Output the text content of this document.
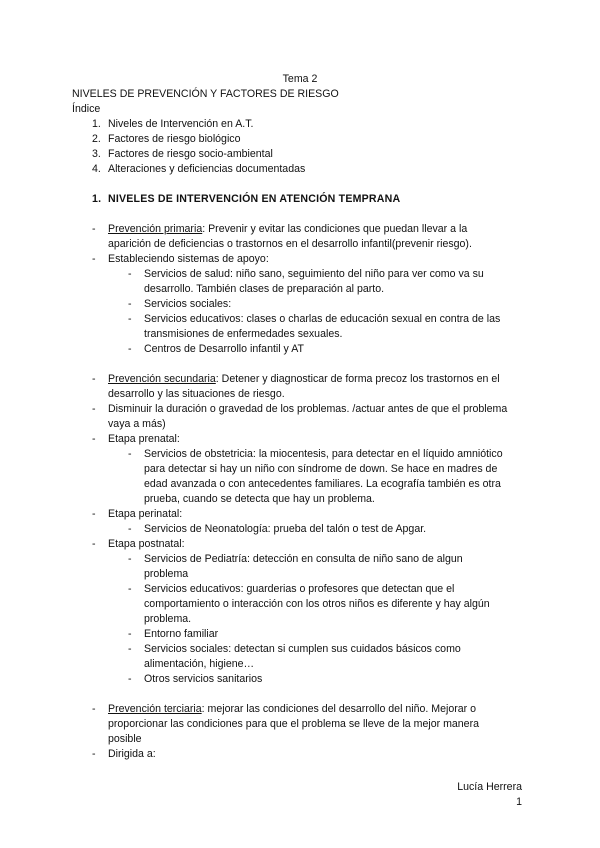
Tema 2
NIVELES DE PREVENCIÓN Y FACTORES DE RIESGO
Índice
1. Niveles de Intervención en A.T.
2. Factores de riesgo biológico
3. Factores de riesgo socio-ambiental
4. Alteraciones y deficiencias documentadas
1. NIVELES DE INTERVENCIÓN EN ATENCIÓN TEMPRANA
- Prevención primaria: Prevenir y evitar las condiciones que puedan llevar a la
aparición de deficiencias o trastornos en el desarrollo infantil(prevenir riesgo).
- Estableciendo sistemas de apoyo:
- Servicios de salud: niño sano, seguimiento del niño para ver como va su
desarrollo. También clases de preparación al parto.
- Servicios sociales:
- Servicios educativos: clases o charlas de educación sexual en contra de las
transmisiones de enfermedades sexuales.
- Centros de Desarrollo infantil y AT
- Prevención secundaria: Detener y diagnosticar de forma precoz los trastornos en el
desarrollo y las situaciones de riesgo.
- Disminuir la duración o gravedad de los problemas. /actuar antes de que el problema
vaya a más)
- Etapa prenatal:
- Servicios de obstetricia: la miocentesis, para detectar en el líquido amniótico
para detectar si hay un niño con síndrome de down. Se hace en madres de
edad avanzada o con antecedentes familiares. La ecografía también es otra
prueba, cuando se detecta que hay un problema.
- Etapa perinatal:
- Servicios de Neonatología: prueba del talón o test de Apgar.
- Etapa postnatal:
- Servicios de Pediatría: detección en consulta de niño sano de algun
problema
- Servicios educativos: guarderias o profesores que detectan que el
comportamiento o interacción con los otros niños es diferente y hay algún
problema.
- Entorno familiar
- Servicios sociales: detectan si cumplen sus cuidados básicos como
alimentación, higiene…
- Otros servicios sanitarios
- Prevención terciaria: mejorar las condiciones del desarrollo del niño. Mejorar o
proporcionar las condiciones para que el problema se lleve de la mejor manera
posible
- Dirigida a:
Lucía Herrera
1
